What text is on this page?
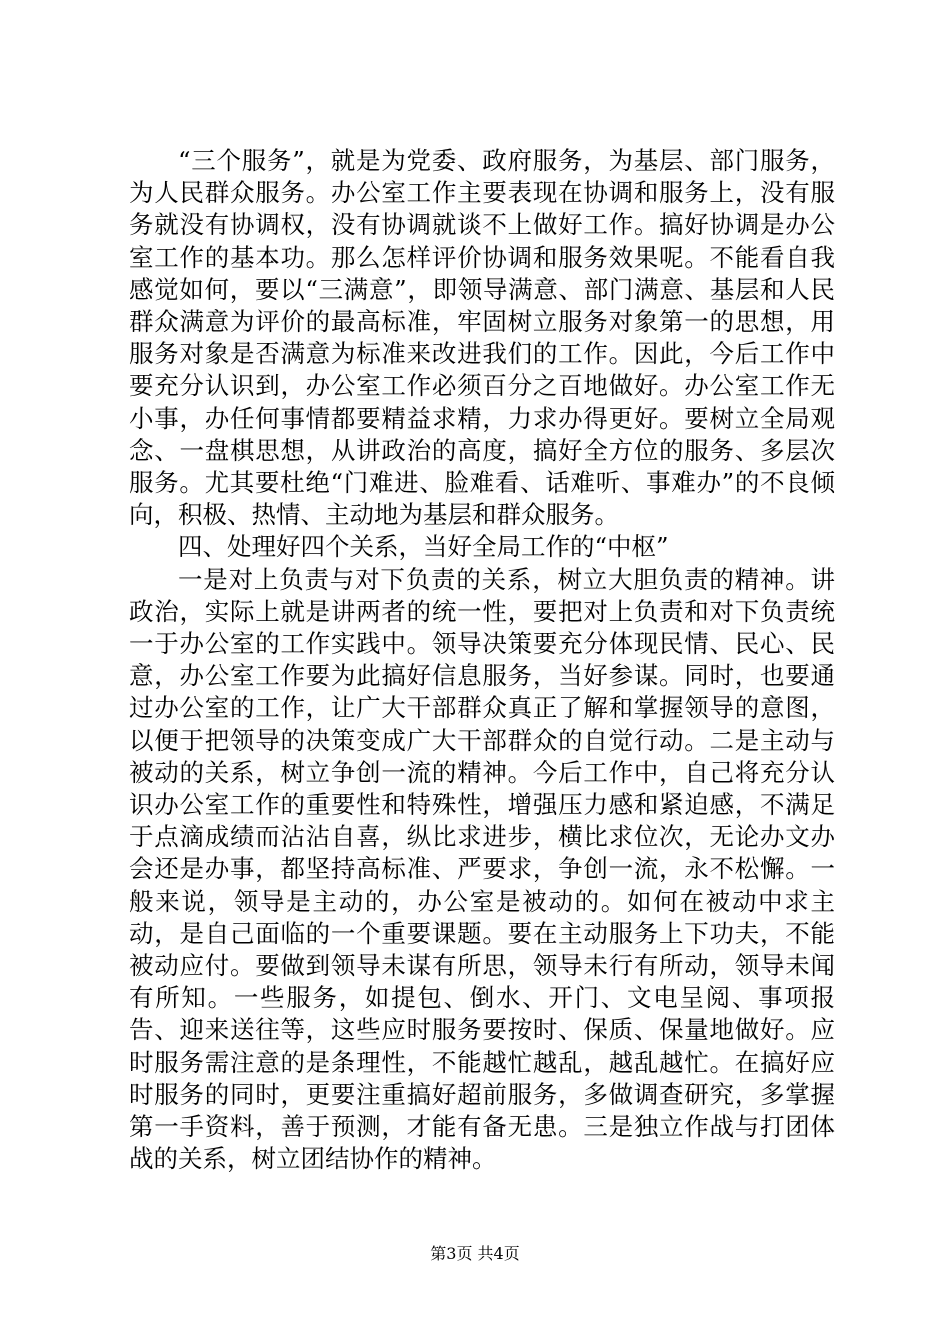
“三个服务”，就是为党委、政府服务，为基层、部门服务，为人民群众服务。办公室工作主要表现在协调和服务上，没有服务就没有协调权，没有协调就谈不上做好工作。搞好协调是办公室工作的基本功。那么怎样评价协调和服务效果呢。不能看自我感觉如何，要以“三满意”，即领导满意、部门满意、基层和人民群众满意为评价的最高标准，牢固树立服务对象第一的思想，用服务对象是否满意为标准来改进我们的工作。因此，今后工作中要充分认识到，办公室工作必须百分之百地做好。办公室工作无小事，办任何事情都要精益求精，力求办得更好。要树立全局观念、一盘棋思想，从讲政治的高度，搞好全方位的服务、多层次服务。尤其要杜绝“门难进、脸难看、话难听、事难办”的不良倾向，积极、热情、主动地为基层和群众服务。

四、处理好四个关系，当好全局工作的“中枢”

一是对上负责与对下负责的关系，树立大胆负责的精神。讲政治，实际上就是讲两者的统一性，要把对上负责和对下负责统一于办公室的工作实践中。领导决策要充分体现民情、民心、民意，办公室工作要为此搞好信息服务，当好参谋。同时，也要通过办公室的工作，让广大干部群众真正了解和掌握领导的意图，以便于把领导的决策变成广大干部群众的自觉行动。二是主动与被动的关系，树立争创一流的精神。今后工作中，自己将充分认识办公室工作的重要性和特殊性，增强压力感和紧迫感，不满足于点滴成绩而沾沾自喜，纵比求进步，横比求位次，无论办文办会还是办事，都坚持高标准、严要求，争创一流，永不松懈。一般来说，领导是主动的，办公室是被动的。如何在被动中求主动，是自己面临的一个重要课题。要在主动服务上下功夫，不能被动应付。要做到领导未谋有所思，领导未行有所动，领导未闻有所知。一些服务，如提包、倒水、开门、文电呈阅、事项报告、迎来送往等，这些应时服务要按时、保质、保量地做好。应时服务需注意的是条理性，不能越忙越乱，越乱越忙。在搞好应时服务的同时，更要注重搞好超前服务，多做调查研究，多掌握第一手资料，善于预测，才能有备无患。三是独立作战与打团体战的关系，树立团结协作的精神。

第3页 共4页
